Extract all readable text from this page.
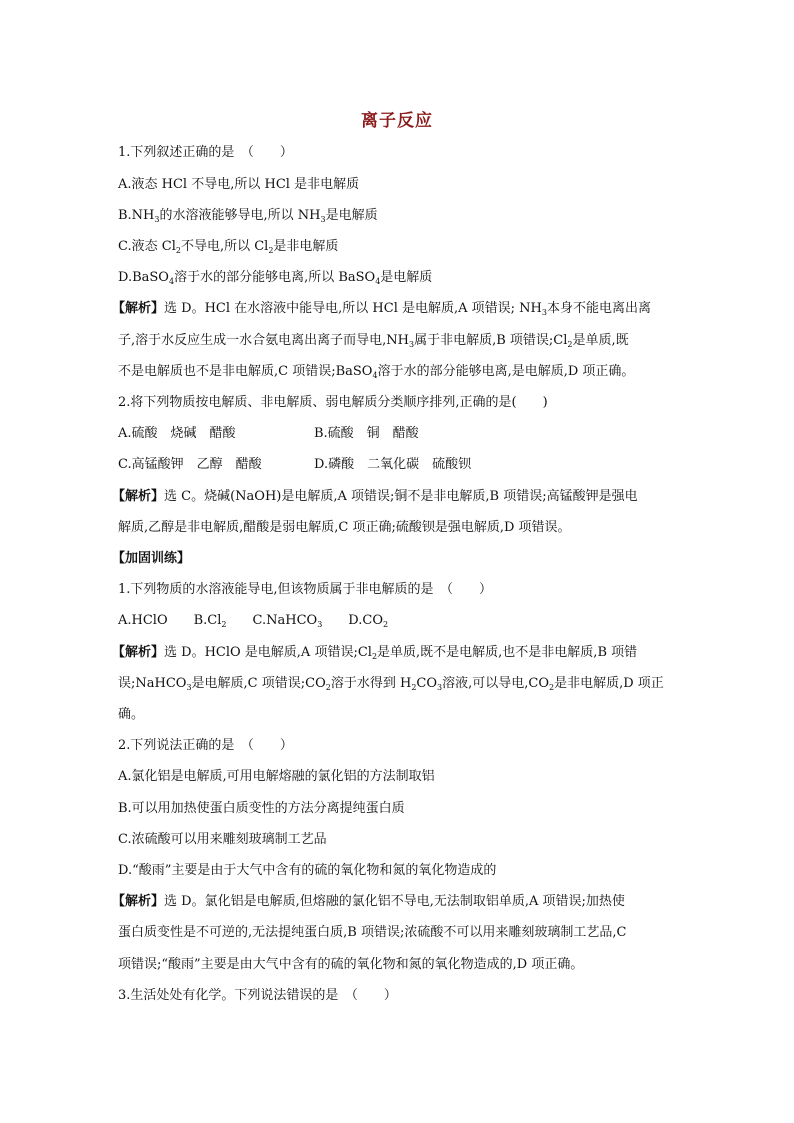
离子反应
1.下列叙述正确的是　（　　）
A.液态 HCl 不导电,所以 HCl 是非电解质
$B.NH_3$的水溶液能够导电,所以 $NH_3$是电解质
C.液态 $Cl_2$不导电,所以 $Cl_2$是非电解质
D.BaSO$_4$溶于水的部分能够电离,所以 BaSO$_4$是电解质
【解析】选 D。HCl 在水溶液中能导电,所以 HCl 是电解质,A 项错误; $NH_3$本身不能电离出离
子,溶于水反应生成一水合氨电离出离子而导电$,NH_3$属于非电解质,B 项错误$;Cl_2$是单质,既
不是电解质也不是非电解质,C 项错误;BaSO$_4$溶于水的部分能够电离,是电解质,D 项正确。
2.将下列物质按电解质、非电解质、弱电解质分类顺序排列,正确的是(　　)
A.硫酸　烧碱　醋酸	B.硫酸　铜　醋酸
C.高锰酸钾　乙醇　醋酸	D.磷酸　二氧化碳　硫酸钡
【解析】选 C。烧碱(NaOH)是电解质,A 项错误;铜不是非电解质,B 项错误;高锰酸钾是强电
解质,乙醇是非电解质,醋酸是弱电解质,C 项正确;硫酸钡是强电解质,D 项错误。
【加固训练】
1.下列物质的水溶液能导电,但该物质属于非电解质的是　（　　）
A.HClO　　$B.Cl_2$　　C.NaHCO$_3$　　$D.CO_2$
【解析】选 D。HClO 是电解质,A 项错误$;Cl_2$是单质,既不是电解质,也不是非电解质,B 项错
误;NaHCO$_3$是电解质,C 项错误$;CO_2$溶于水得到 $H_2CO_3$溶液,可以导电$,CO_2$是非电解质,D 项正
确。
2.下列说法正确的是　（　　）
A.氯化铝是电解质,可用电解熔融的氯化铝的方法制取铝
B.可以用加热使蛋白质变性的方法分离提纯蛋白质
C.浓硫酸可以用来雕刻玻璃制工艺品
D.“酸雨”主要是由于大气中含有的硫的氧化物和氮的氧化物造成的
【解析】选 D。氯化铝是电解质,但熔融的氯化铝不导电,无法制取铝单质,A 项错误;加热使
蛋白质变性是不可逆的,无法提纯蛋白质,B 项错误;浓硫酸不可以用来雕刻玻璃制工艺品,C
项错误;“酸雨”主要是由大气中含有的硫的氧化物和氮的氧化物造成的,D 项正确。
3.生活处处有化学。下列说法错误的是　（　　）
